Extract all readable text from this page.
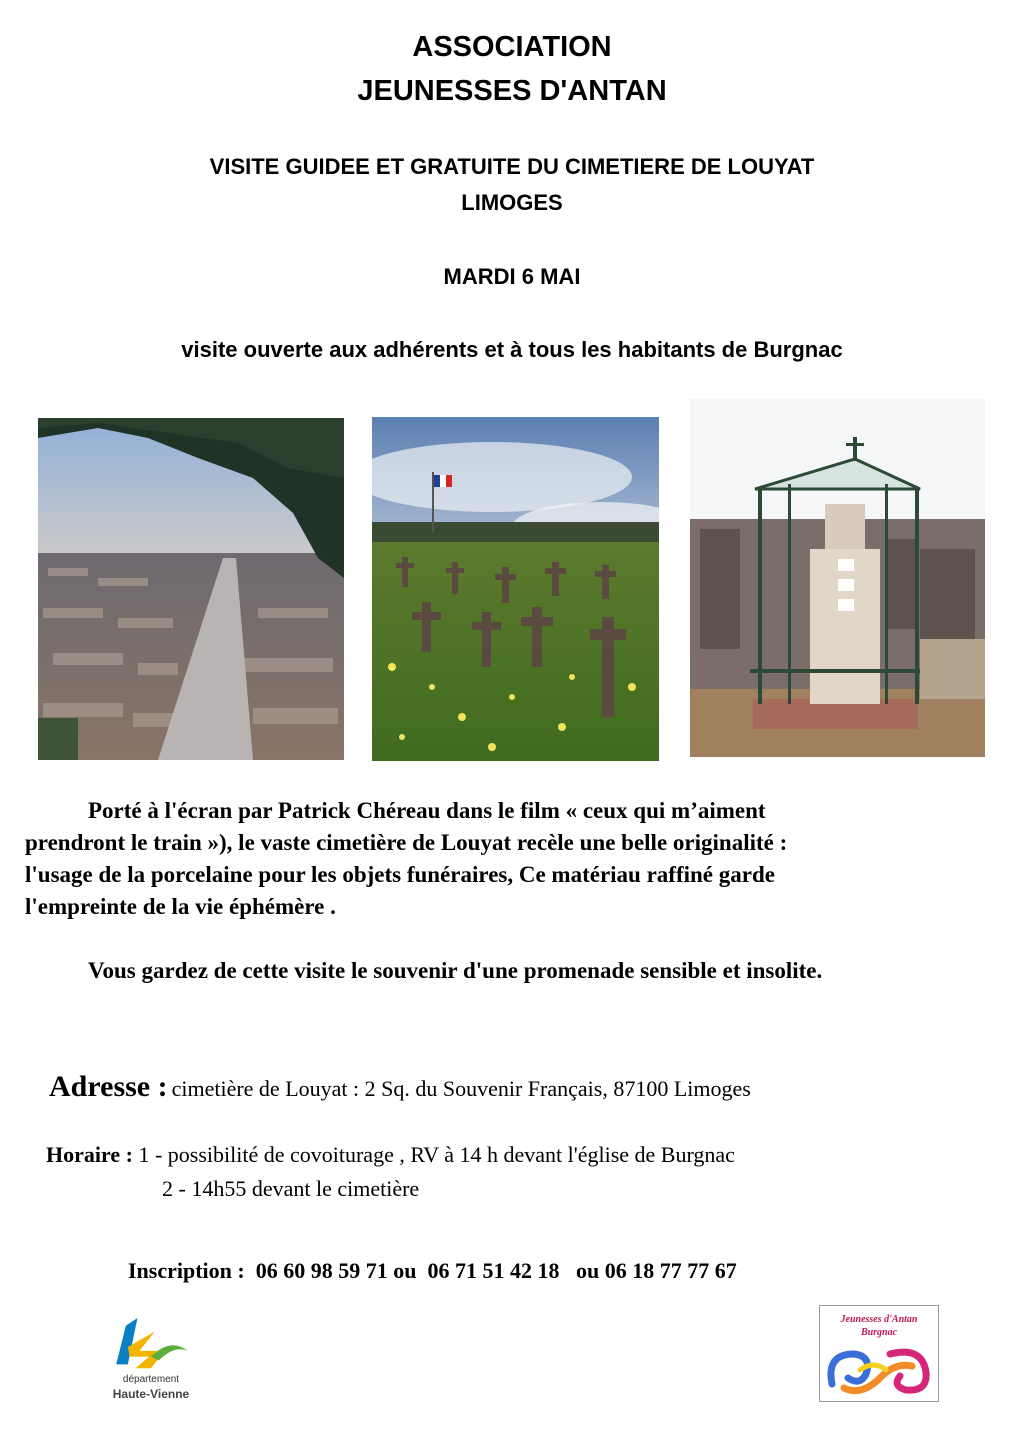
ASSOCIATION
JEUNESSES D'ANTAN
VISITE GUIDEE ET GRATUITE DU CIMETIERE DE LOUYAT
LIMOGES
MARDI 6 MAI
visite ouverte aux adhérents et à tous les habitants de Burgnac
Porté à l'écran par Patrick Chéreau dans le film « ceux qui m’aiment
prendront le train »), le vaste cimetière de Louyat recèle une belle originalité :
l'usage de la porcelaine pour les objets funéraires, Ce matériau raffiné garde
l'empreinte de la vie éphémère .
Vous gardez de cette visite le souvenir d'une promenade sensible et insolite.
Adresse : cimetière de Louyat : 2 Sq. du Souvenir Français, 87100 Limoges
Horaire : 1 - possibilité de covoiturage , RV à 14 h devant l'église de Burgnac
2 - 14h55 devant le cimetière
Inscription :  06 60 98 59 71 ou  06 71 51 42 18   ou 06 18 77 77 67
département
Haute-Vienne
Jeunesses d'Antan
Burgnac
